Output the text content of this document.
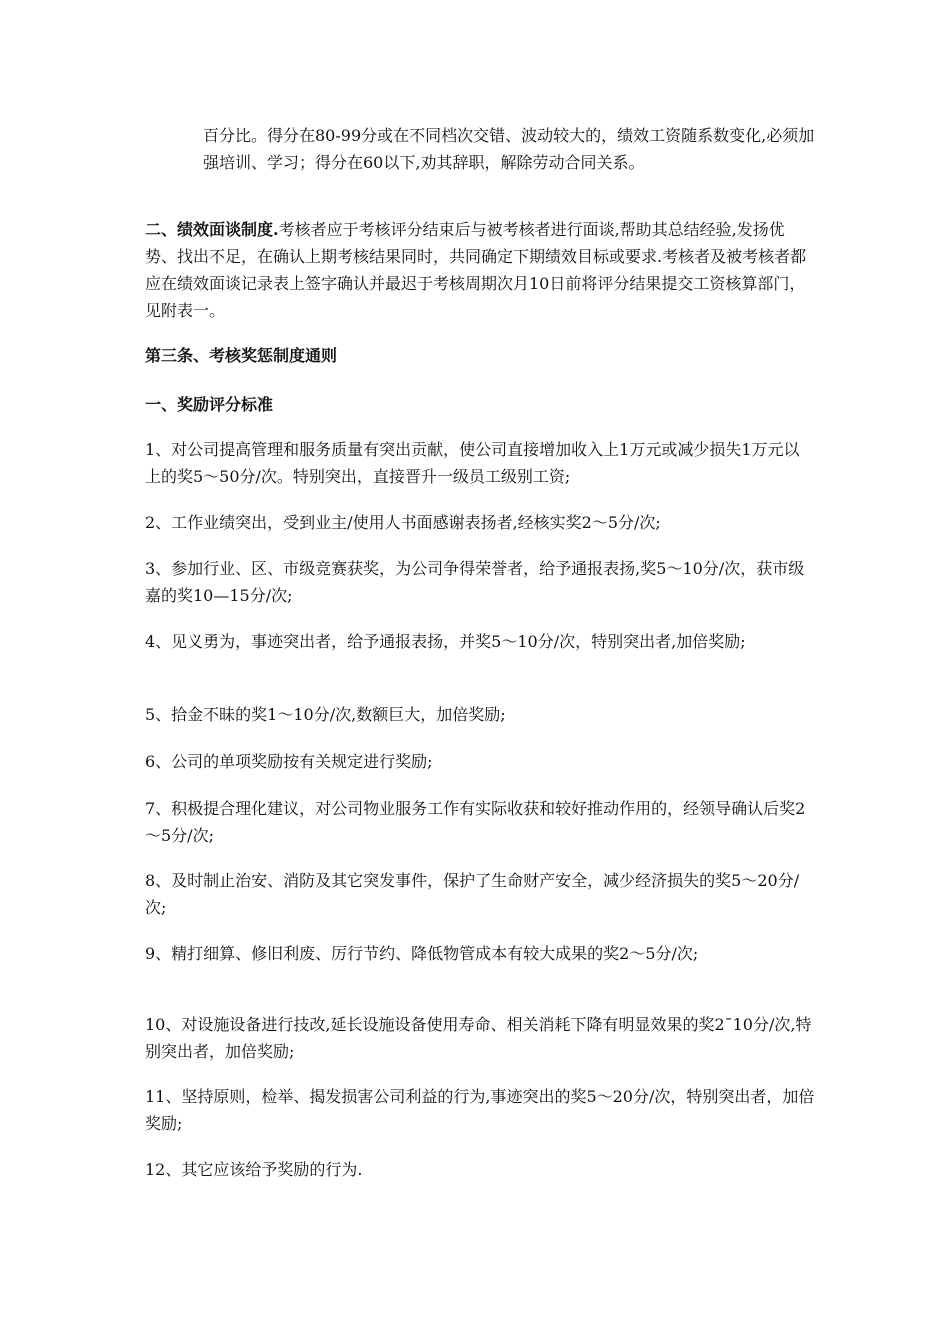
百分比。得分在80-99分或在不同档次交错、波动较大的，绩效工资随系数变化,必须加强培训、学习；得分在60以下,劝其辞职，解除劳动合同关系。

二、绩效面谈制度.考核者应于考核评分结束后与被考核者进行面谈,帮助其总结经验,发扬优势、找出不足，在确认上期考核结果同时，共同确定下期绩效目标或要求.考核者及被考核者都应在绩效面谈记录表上签字确认并最迟于考核周期次月10日前将评分结果提交工资核算部门，见附表一。

第三条、考核奖惩制度通则

一、奖励评分标准

1、对公司提高管理和服务质量有突出贡献，使公司直接增加收入上1万元或减少损失1万元以上的奖5～50分/次。特别突出，直接晋升一级员工级别工资;

2、工作业绩突出，受到业主/使用人书面感谢表扬者,经核实奖2～5分/次;

3、参加行业、区、市级竞赛获奖，为公司争得荣誉者，给予通报表扬,奖5～10分/次，获市级嘉的奖10—15分/次;

4、见义勇为，事迹突出者，给予通报表扬，并奖5～10分/次，特别突出者,加倍奖励;

5、拾金不昧的奖1～10分/次,数额巨大，加倍奖励;

6、公司的单项奖励按有关规定进行奖励;

7、积极提合理化建议，对公司物业服务工作有实际收获和较好推动作用的，经领导确认后奖2～5分/次;

8、及时制止治安、消防及其它突发事件，保护了生命财产安全，减少经济损失的奖5～20分/次;

9、精打细算、修旧利废、厉行节约、降低物管成本有较大成果的奖2～5分/次;

10、对设施设备进行技改,延长设施设备使用寿命、相关消耗下降有明显效果的奖2¯10分/次,特别突出者，加倍奖励;

11、坚持原则，检举、揭发损害公司利益的行为,事迹突出的奖5～20分/次，特别突出者，加倍奖励;

12、其它应该给予奖励的行为.
